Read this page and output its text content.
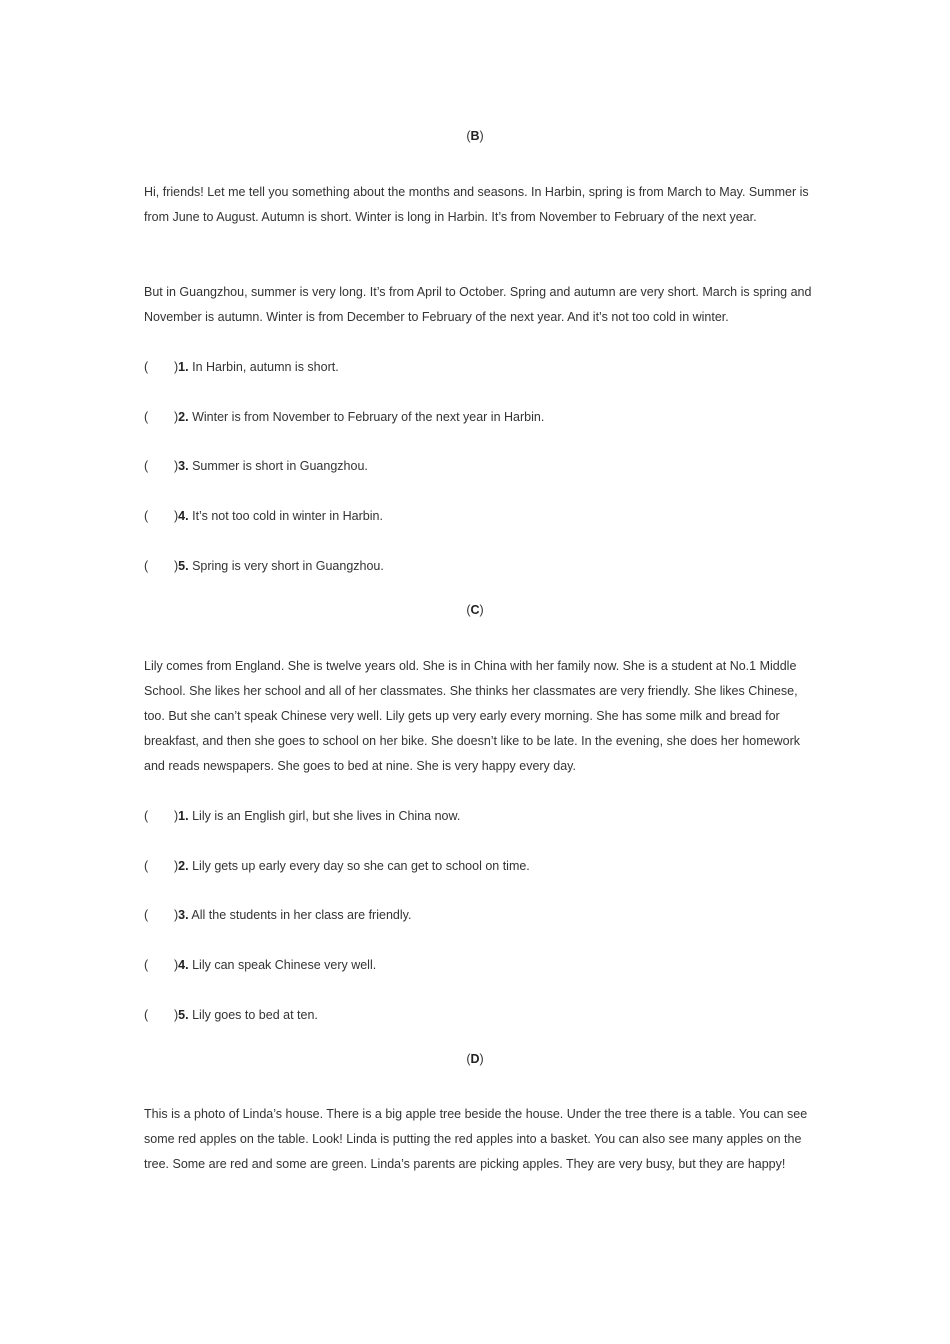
(B)

Hi, friends! Let me tell you something about the months and seasons. In Harbin, spring is from March to May. Summer is from June to August. Autumn is short. Winter is long in Harbin. It’s from November to February of the next year.

But in Guangzhou, summer is very long. It’s from April to October. Spring and autumn are very short. March is spring and November is autumn. Winter is from December to February of the next year. And it’s not too cold in winter.

( )1. In Harbin, autumn is short.
( )2. Winter is from November to February of the next year in Harbin.
( )3. Summer is short in Guangzhou.
( )4. It’s not too cold in winter in Harbin.
( )5. Spring is very short in Guangzhou.
(C)

Lily comes from England. She is twelve years old. She is in China with her family now. She is a student at No.1 Middle School. She likes her school and all of her classmates. She thinks her classmates are very friendly. She likes Chinese, too. But she can’t speak Chinese very well. Lily gets up very early every morning. She has some milk and bread for breakfast, and then she goes to school on her bike. She doesn’t like to be late. In the evening, she does her homework and reads newspapers. She goes to bed at nine. She is very happy every day.

( )1. Lily is an English girl, but she lives in China now.
( )2. Lily gets up early every day so she can get to school on time.
( )3. All the students in her class are friendly.
( )4. Lily can speak Chinese very well.
( )5. Lily goes to bed at ten.
(D)

This is a photo of Linda’s house. There is a big apple tree beside the house. Under the tree there is a table. You can see some red apples on the table. Look! Linda is putting the red apples into a basket. You can also see many apples on the tree. Some are red and some are green. Linda’s parents are picking apples. They are very busy, but they are happy!
